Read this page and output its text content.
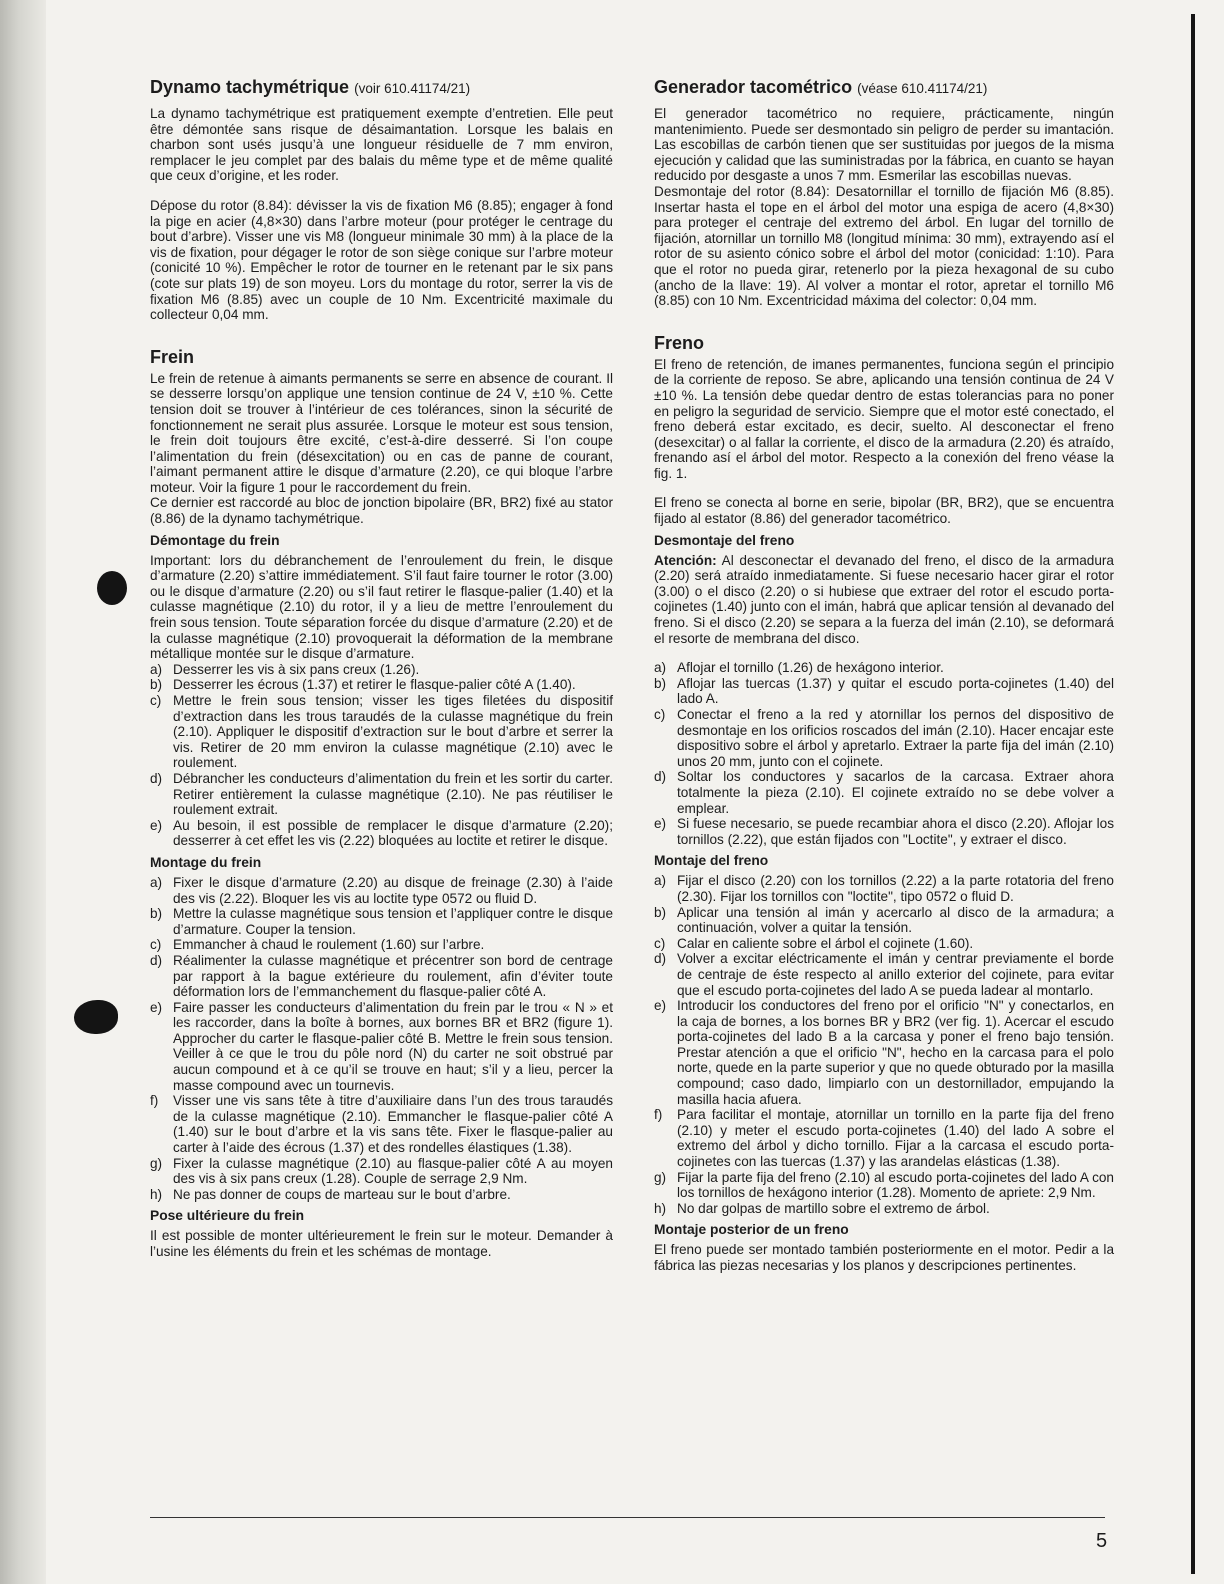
Dynamo tachymétrique (voir 610.41174/21)

La dynamo tachymétrique est pratiquement exempte d’entretien. Elle peut être démontée sans risque de désaimantation. Lorsque les balais en charbon sont usés jusqu’à une longueur résiduelle de 7 mm environ, remplacer le jeu complet par des balais du même type et de même qualité que ceux d’origine, et les roder.

Dépose du rotor (8.84): dévisser la vis de fixation M6 (8.85); engager à fond la pige en acier (4,8×30) dans l’arbre moteur (pour protéger le centrage du bout d’arbre). Visser une vis M8 (longueur minimale 30 mm) à la place de la vis de fixation, pour dégager le rotor de son siège conique sur l’arbre moteur (conicité 10 %). Empêcher le rotor de tourner en le retenant par le six pans (cote sur plats 19) de son moyeu. Lors du montage du rotor, serrer la vis de fixation M6 (8.85) avec un couple de 10 Nm. Excentricité maximale du collecteur 0,04 mm.

Frein

Le frein de retenue à aimants permanents se serre en absence de courant. Il se desserre lorsqu’on applique une tension continue de 24 V, ±10 %. Cette tension doit se trouver à l’intérieur de ces tolérances, sinon la sécurité de fonctionnement ne serait plus assurée. Lorsque le moteur est sous tension, le frein doit toujours être excité, c’est-à-dire desserré. Si l’on coupe l’alimentation du frein (désexcitation) ou en cas de panne de courant, l’aimant permanent attire le disque d’armature (2.20), ce qui bloque l’arbre moteur. Voir la figure 1 pour le raccordement du frein.

Ce dernier est raccordé au bloc de jonction bipolaire (BR, BR2) fixé au stator (8.86) de la dynamo tachymétrique.

Démontage du frein

Important: lors du débranchement de l’enroulement du frein, le disque d’armature (2.20) s’attire immédiatement. S’il faut faire tourner le rotor (3.00) ou le disque d’armature (2.20) ou s’il faut retirer le flasque-palier (1.40) et la culasse magnétique (2.10) du rotor, il y a lieu de mettre l’enroulement du frein sous tension. Toute séparation forcée du disque d’armature (2.20) et de la culasse magnétique (2.10) provoquerait la déformation de la membrane métallique montée sur le disque d’armature.

a) Desserrer les vis à six pans creux (1.26).
b) Desserrer les écrous (1.37) et retirer le flasque-palier côté A (1.40).
c) Mettre le frein sous tension; visser les tiges filetées du dispositif d’extraction dans les trous taraudés de la culasse magnétique du frein (2.10). Appliquer le dispositif d’extraction sur le bout d’arbre et serrer la vis. Retirer de 20 mm environ la culasse magnétique (2.10) avec le roulement.
d) Débrancher les conducteurs d’alimentation du frein et les sortir du carter. Retirer entièrement la culasse magnétique (2.10). Ne pas réutiliser le roulement extrait.
e) Au besoin, il est possible de remplacer le disque d’armature (2.20); desserrer à cet effet les vis (2.22) bloquées au loctite et retirer le disque.
Montage du frein
a) Fixer le disque d’armature (2.20) au disque de freinage (2.30) à l’aide des vis (2.22). Bloquer les vis au loctite type 0572 ou fluid D.
b) Mettre la culasse magnétique sous tension et l’appliquer contre le disque d’armature. Couper la tension.
c) Emmancher à chaud le roulement (1.60) sur l’arbre.
d) Réalimenter la culasse magnétique et précentrer son bord de centrage par rapport à la bague extérieure du roulement, afin d’éviter toute déformation lors de l’emmanchement du flasque-palier côté A.
e) Faire passer les conducteurs d’alimentation du frein par le trou « N » et les raccorder, dans la boîte à bornes, aux bornes BR et BR2 (figure 1). Approcher du carter le flasque-palier côté B. Mettre le frein sous tension. Veiller à ce que le trou du pôle nord (N) du carter ne soit obstrué par aucun compound et à ce qu’il se trouve en haut; s’il y a lieu, percer la masse compound avec un tournevis.
f)	Visser une vis sans tête à titre d’auxiliaire dans l’un des trous taraudés de la culasse magnétique (2.10). Emmancher le flasque-palier côté A (1.40) sur le bout d’arbre et la vis sans tête. Fixer le flasque-palier au carter à l’aide des écrous (1.37) et des rondelles élastiques (1.38).
g) Fixer la culasse magnétique (2.10) au flasque-palier côté A au moyen des vis à six pans creux (1.28). Couple de serrage 2,9 Nm.
h) Ne pas donner de coups de marteau sur le bout d’arbre.
Pose ultérieure du frein

Il est possible de monter ultérieurement le frein sur le moteur. Demander à l’usine les éléments du frein et les schémas de montage.

Generador tacométrico (véase 610.41174/21)

El generador tacométrico no requiere, prácticamente, ningún mantenimiento. Puede ser desmontado sin peligro de perder su imantación. Las escobillas de carbón tienen que ser sustituidas por juegos de la misma ejecución y calidad que las suministradas por la fábrica, en cuanto se hayan reducido por desgaste a unos 7 mm. Esmerilar las escobillas nuevas.

Desmontaje del rotor (8.84): Desatornillar el tornillo de fijación M6 (8.85). Insertar hasta el tope en el árbol del motor una espiga de acero (4,8×30) para proteger el centraje del extremo del árbol. En lugar del tornillo de fijación, atornillar un tornillo M8 (longitud mínima: 30 mm), extrayendo así el rotor de su asiento cónico sobre el árbol del motor (conicidad: 1:10). Para que el rotor no pueda girar, retenerlo por la pieza hexagonal de su cubo (ancho de la llave: 19). Al volver a montar el rotor, apretar el tornillo M6 (8.85) con 10 Nm. Excentricidad máxima del colector: 0,04 mm.

Freno

El freno de retención, de imanes permanentes, funciona según el principio de la corriente de reposo. Se abre, aplicando una tensión continua de 24 V ±10 %. La tensión debe quedar dentro de estas tolerancias para no poner en peligro la seguridad de servicio. Siempre que el motor esté conectado, el freno deberá estar excitado, es decir, suelto. Al desconectar el freno (desexcitar) o al fallar la corriente, el disco de la armadura (2.20) és atraído, frenando así el árbol del motor. Respecto a la conexión del freno véase la fig. 1.

El freno se conecta al borne en serie, bipolar (BR, BR2), que se encuentra fijado al estator (8.86) del generador tacométrico.

Desmontaje del freno

Atención: Al desconectar el devanado del freno, el disco de la armadura (2.20) será atraído inmediatamente. Si fuese necesario hacer girar el rotor (3.00) o el disco (2.20) o si hubiese que extraer del rotor el escudo porta-cojinetes (1.40) junto con el imán, habrá que aplicar tensión al devanado del freno. Si el disco (2.20) se separa a la fuerza del imán (2.10), se deformará el resorte de membrana del disco.

a) Aflojar el tornillo (1.26) de hexágono interior.
b) Aflojar las tuercas (1.37) y quitar el escudo porta-cojinetes (1.40) del lado A.
c) Conectar el freno a la red y atornillar los pernos del dispositivo de desmontaje en los orificios roscados del imán (2.10). Hacer encajar este dispositivo sobre el árbol y apretarlo. Extraer la parte fija del imán (2.10) unos 20 mm, junto con el cojinete.
d) Soltar los conductores y sacarlos de la carcasa. Extraer ahora totalmente la pieza (2.10). El cojinete extraído no se debe volver a emplear.
e) Si fuese necesario, se puede recambiar ahora el disco (2.20). Aflojar los tornillos (2.22), que están fijados con "Loctite", y extraer el disco.
Montaje del freno
a) Fijar el disco (2.20) con los tornillos (2.22) a la parte rotatoria del freno (2.30). Fijar los tornillos con "loctite", tipo 0572 o fluid D.
b) Aplicar una tensión al imán y acercarlo al disco de la armadura; a continuación, volver a quitar la tensión.
c) Calar en caliente sobre el árbol el cojinete (1.60).
d) Volver a excitar eléctricamente el imán y centrar previamente el borde de centraje de éste respecto al anillo exterior del cojinete, para evitar que el escudo porta-cojinetes del lado A se pueda ladear al montarlo.
e) Introducir los conductores del freno por el orificio "N" y conectarlos, en la caja de bornes, a los bornes BR y BR2 (ver fig. 1). Acercar el escudo porta-cojinetes del lado B a la carcasa y poner el freno bajo tensión. Prestar atención a que el orificio "N", hecho en la carcasa para el polo norte, quede en la parte superior y que no quede obturado por la masilla compound; caso dado, limpiarlo con un destornillador, empujando la masilla hacia afuera.
f)	Para facilitar el montaje, atornillar un tornillo en la parte fija del freno (2.10) y meter el escudo porta-cojinetes (1.40) del lado A sobre el extremo del árbol y dicho tornillo. Fijar a la carcasa el escudo porta-cojinetes con las tuercas (1.37) y las arandelas elásticas (1.38).
g) Fijar la parte fija del freno (2.10) al escudo porta-cojinetes del lado A con los tornillos de hexágono interior (1.28). Momento de apriete: 2,9 Nm.
h) No dar golpas de martillo sobre el extremo de árbol.
Montaje posterior de un freno

El freno puede ser montado también posteriormente en el motor. Pedir a la fábrica las piezas necesarias y los planos y descripciones pertinentes.

5
